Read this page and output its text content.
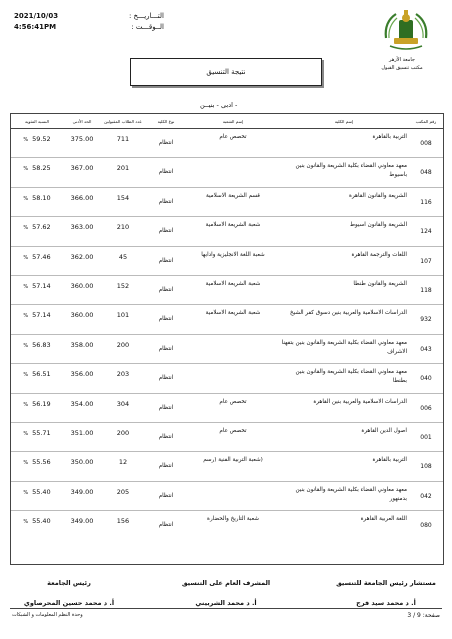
2021/10/03	التـــاريـــخ :
4:56:41PM	الــوقـــت :
جامعة الأزهر
مكتب تنسيق القبول
نتيجة التنسيق
- ادبى - بنيــن
النسبة المئوية	الحد الأدنى	عدد الطلاب المقبولين	نوع الكلية	إسم الشعبة	إسم الكلية	رقم المكتب
% 59.52	375.00	711	انتظام	تخصص عام	التربية بالقاهرة	008
% 58.25	367.00	201	انتظام		معهد معاوني القضاء بكلية الشريعة والقانون بنين باسيوط	048
% 58.10	366.00	154	انتظام	قسم الشريعة الاسلامية	الشريعة والقانون القاهرة	116
% 57.62	363.00	210	انتظام	شعبة الشريعة الاسلامية	الشريعة والقانون اسيوط	124
% 57.46	362.00	45	انتظام	شعبة اللغة الانجليزية وادابها	اللغات والترجمة القاهرة	107
% 57.14	360.00	152	انتظام	شعبة الشريعة الاسلامية	الشريعة والقانون طنطا	118
% 57.14	360.00	101	انتظام	شعبة الشريعة الاسلامية	الدراسات الاسلامية والعربية بنين دسوق كفر الشيخ	932
% 56.83	358.00	200	انتظام		معهد معاوني القضاء بكلية الشريعة والقانون بنين بتفهنا الاشراف	043
% 56.51	356.00	203	انتظام		معهد معاوني القضاء بكلية الشريعة والقانون بنين بطنطا	040
% 56.19	354.00	304	انتظام	تخصص عام	الدراسات الاسلامية والعربية بنين القاهرة	006
% 55.71	351.00	200	انتظام	تخصص عام	اصول الدين القاهرة	001
% 55.56	350.00	12	انتظام	(شعبة التربية الفنية (رسم	التربية بالقاهرة	108
% 55.40	349.00	205	انتظام		معهد معاوني القضاء بكلية الشريعة والقانون بنين بدمنهور	042
% 55.40	349.00	156	انتظام	شعبة التاريخ والحضارة	اللغة العربية القاهرة	080
مستشار رئيس الجامعة للتنسيق
أ. د محمد سيد فرج
المشرف العام على التنسيق
أ. د محمد الشربيني
رئيس الجامعة
أ. د محمد حسين المحرصاوي
وحدة النظم المعلومات و الشبكات	3 / 9 صفحة:
